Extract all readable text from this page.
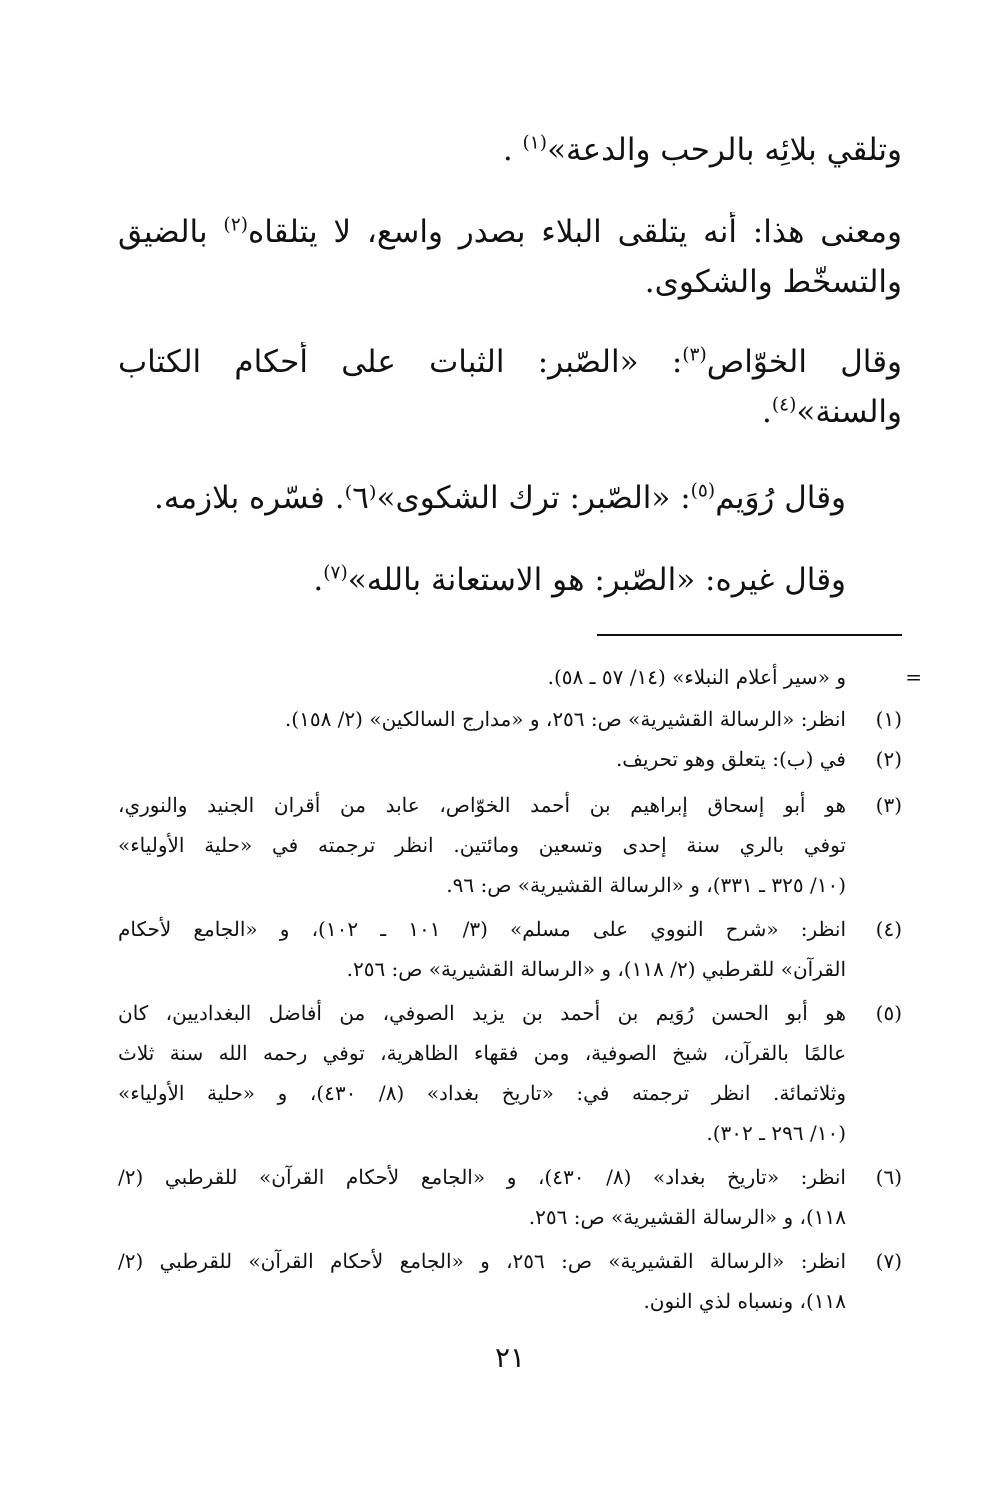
وتلقي بلائِه بالرحب والدعة»$^{(١)}$ .
ومعنى هذا: أنه يتلقى البلاء بصدر واسع، لا يتلقاه$^{(٢)}$ بالضيق
والتسخّط والشكوى.
وقال الخوّاص$^{(٣)}$: «الصّبر: الثبات على أحكام الكتاب
والسنة»$^{(٤)}$.
وقال رُوَيم$^{(٥)}$: «الصّبر: ترك الشكوى»⁽٦⁾. فسّره بلازمه.
وقال غيره: «الصّبر: هو الاستعانة بالله»$^{(٧)}$.
=
و «سير أعلام النبلاء» (١٤/ ٥٧ ـ ٥٨).
(١)
انظر: «الرسالة القشيرية» ص: ٢٥٦، و «مدارج السالكين» (٢/ ١٥٨).
(٢)
في (ب): يتعلق وهو تحريف.
(٣)
هو أبو إسحاق إبراهيم بن أحمد الخوّاص، عابد من أقران الجنيد والنوري،
توفي بالري سنة إحدى وتسعين ومائتين. انظر ترجمته في «حلية الأولياء»
(١٠/ ٣٢٥ ـ ٣٣١)، و «الرسالة القشيرية» ص: ٩٦.
(٤)
انظر: «شرح النووي على مسلم» (٣/ ١٠١ ـ ١٠٢)، و «الجامع لأحكام
القرآن» للقرطبي (٢/ ١١٨)، و «الرسالة القشيرية» ص: ٢٥٦.
(٥)
هو أبو الحسن رُوَيم بن أحمد بن يزيد الصوفي، من أفاضل البغداديين، كان
عالمًا بالقرآن، شيخ الصوفية، ومن فقهاء الظاهرية، توفي رحمه الله سنة ثلاث
وثلاثمائة. انظر ترجمته في: «تاريخ بغداد» (٨/ ٤٣٠)، و «حلية الأولياء»
(١٠/ ٢٩٦ ـ ٣٠٢).
(٦)
انظر: «تاريخ بغداد» (٨/ ٤٣٠)، و «الجامع لأحكام القرآن» للقرطبي (٢/
١١٨)، و «الرسالة القشيرية» ص: ٢٥٦.
(٧)
انظر: «الرسالة القشيرية» ص: ٢٥٦، و «الجامع لأحكام القرآن» للقرطبي (٢/
١١٨)، ونسباه لذي النون.
٢١
